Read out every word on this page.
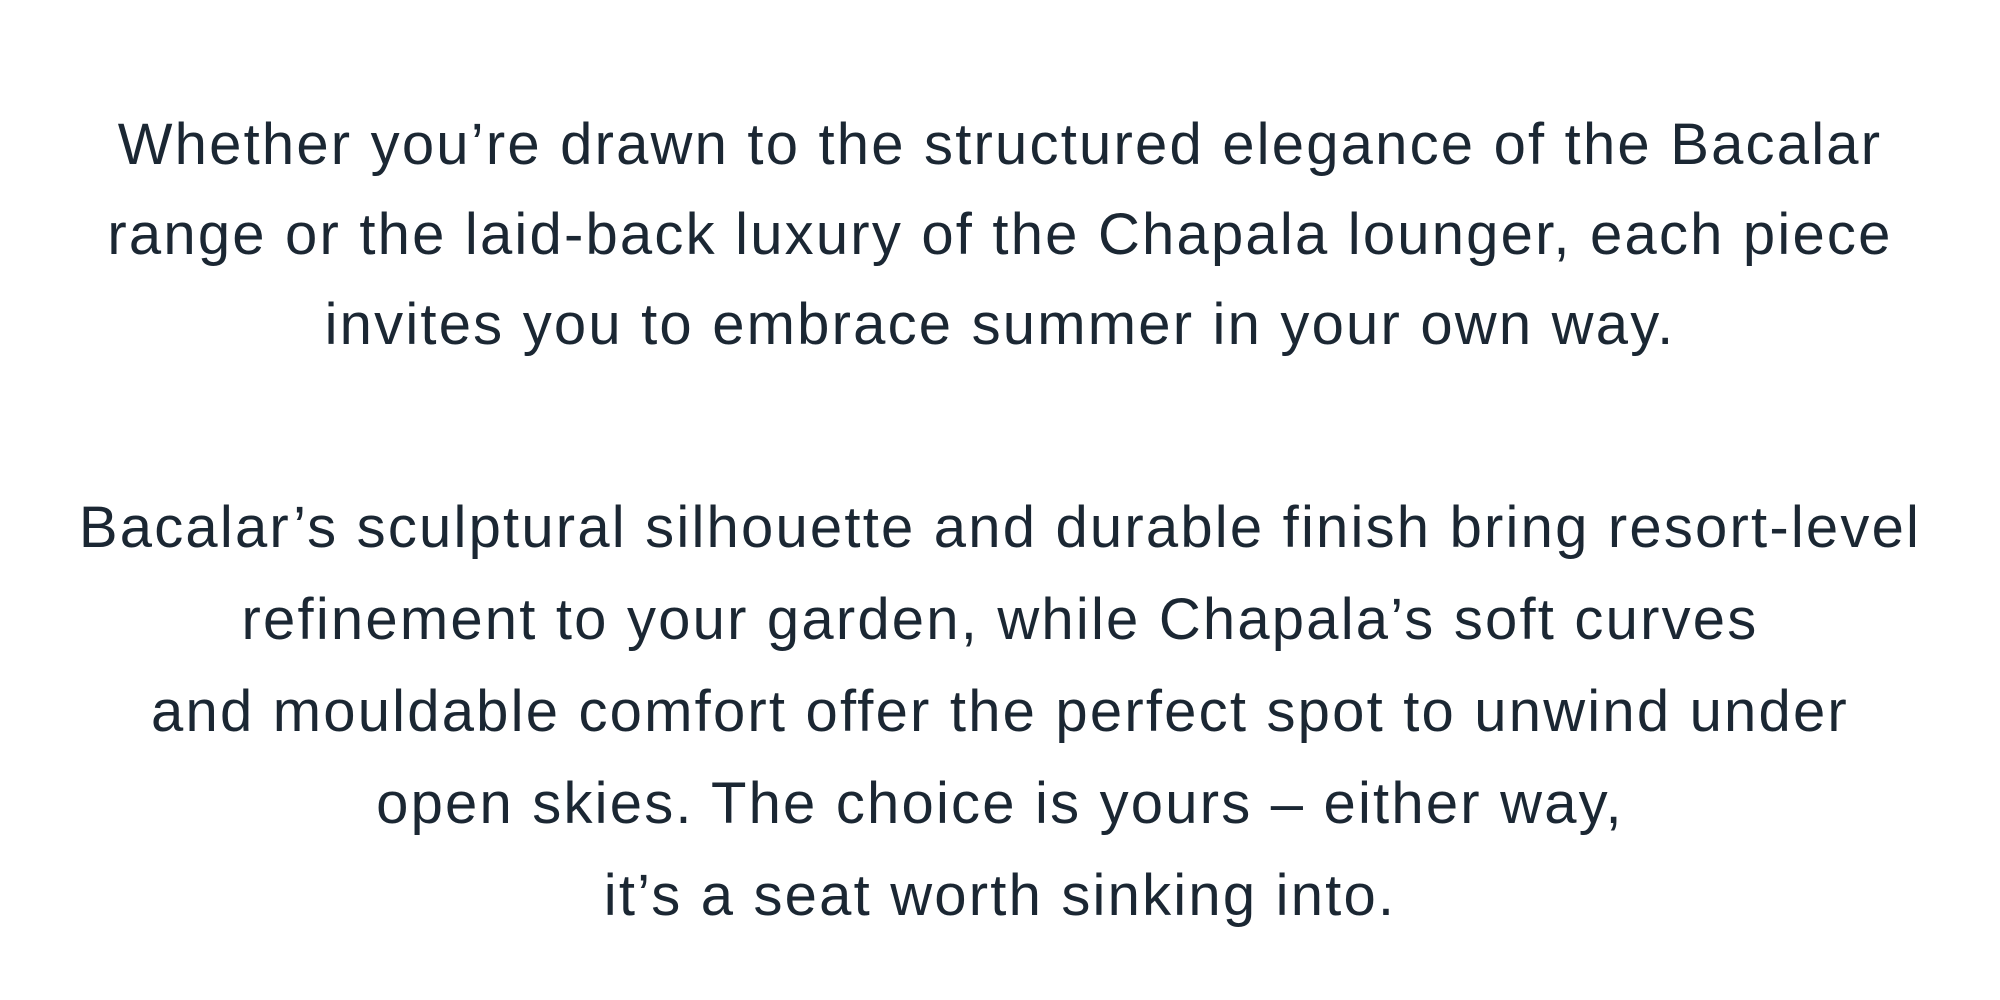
Whether you’re drawn to the structured elegance of the Bacalar
range or the laid-back luxury of the Chapala lounger, each piece
invites you to embrace summer in your own way.
Bacalar’s sculptural silhouette and durable finish bring resort-level
refinement to your garden, while Chapala’s soft curves
and mouldable comfort offer the perfect spot to unwind under
open skies. The choice is yours – either way,
it’s a seat worth sinking into.
